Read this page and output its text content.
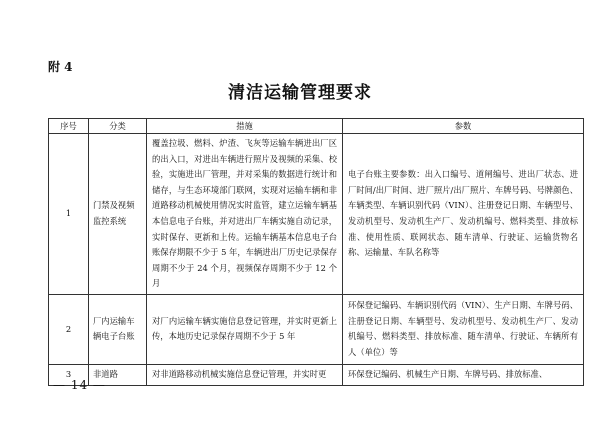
附 4
清洁运输管理要求
序号	分类	措施	参数
1	门禁及视频监控系统	覆盖拉圾、燃料、炉渣、飞灰等运输车辆进出厂区的出入口，对进出车辆进行照片及视频的采集、校验，实施进出厂管理，并对采集的数据进行统计和储存，与生态环境部门联网，实现对运输车辆和非道路移动机械使用情况实时监管，建立运输车辆基本信息电子台账，并对进出厂车辆实施自动记录，实时保存、更新和上传。运输车辆基本信息电子台账保存期限不少于 5 年，车辆进出厂历史记录保存周期不少于 24 个月，视频保存周期不少于 12 个月	电子台账主要参数：出入口编号、道闸编号、进出厂状态、进厂时间/出厂时间、进厂照片/出厂照片、车牌号码、号牌颜色、车辆类型、车辆识别代码（VIN）、注册登记日期、车辆型号、发动机型号、发动机生产厂、发动机编号、燃料类型、排放标准、使用性质、联网状态、随车清单、行驶证、运输货物名称、运输量、车队名称等
2	厂内运输车辆电子台账	对厂内运输车辆实施信息登记管理，并实时更新上传，本地历史记录保存周期不少于 5 年	环保登记编码、车辆识别代码（VIN）、生产日期、车牌号码、注册登记日期、车辆型号、发动机型号、发动机生产厂、发动机编号、燃料类型、排放标准、随车清单、行驶证、车辆所有人（单位）等
3	非道路	对非道路移动机械实施信息登记管理，并实时更	环保登记编码、机械生产日期、车牌号码、排放标准、
— 14 —
